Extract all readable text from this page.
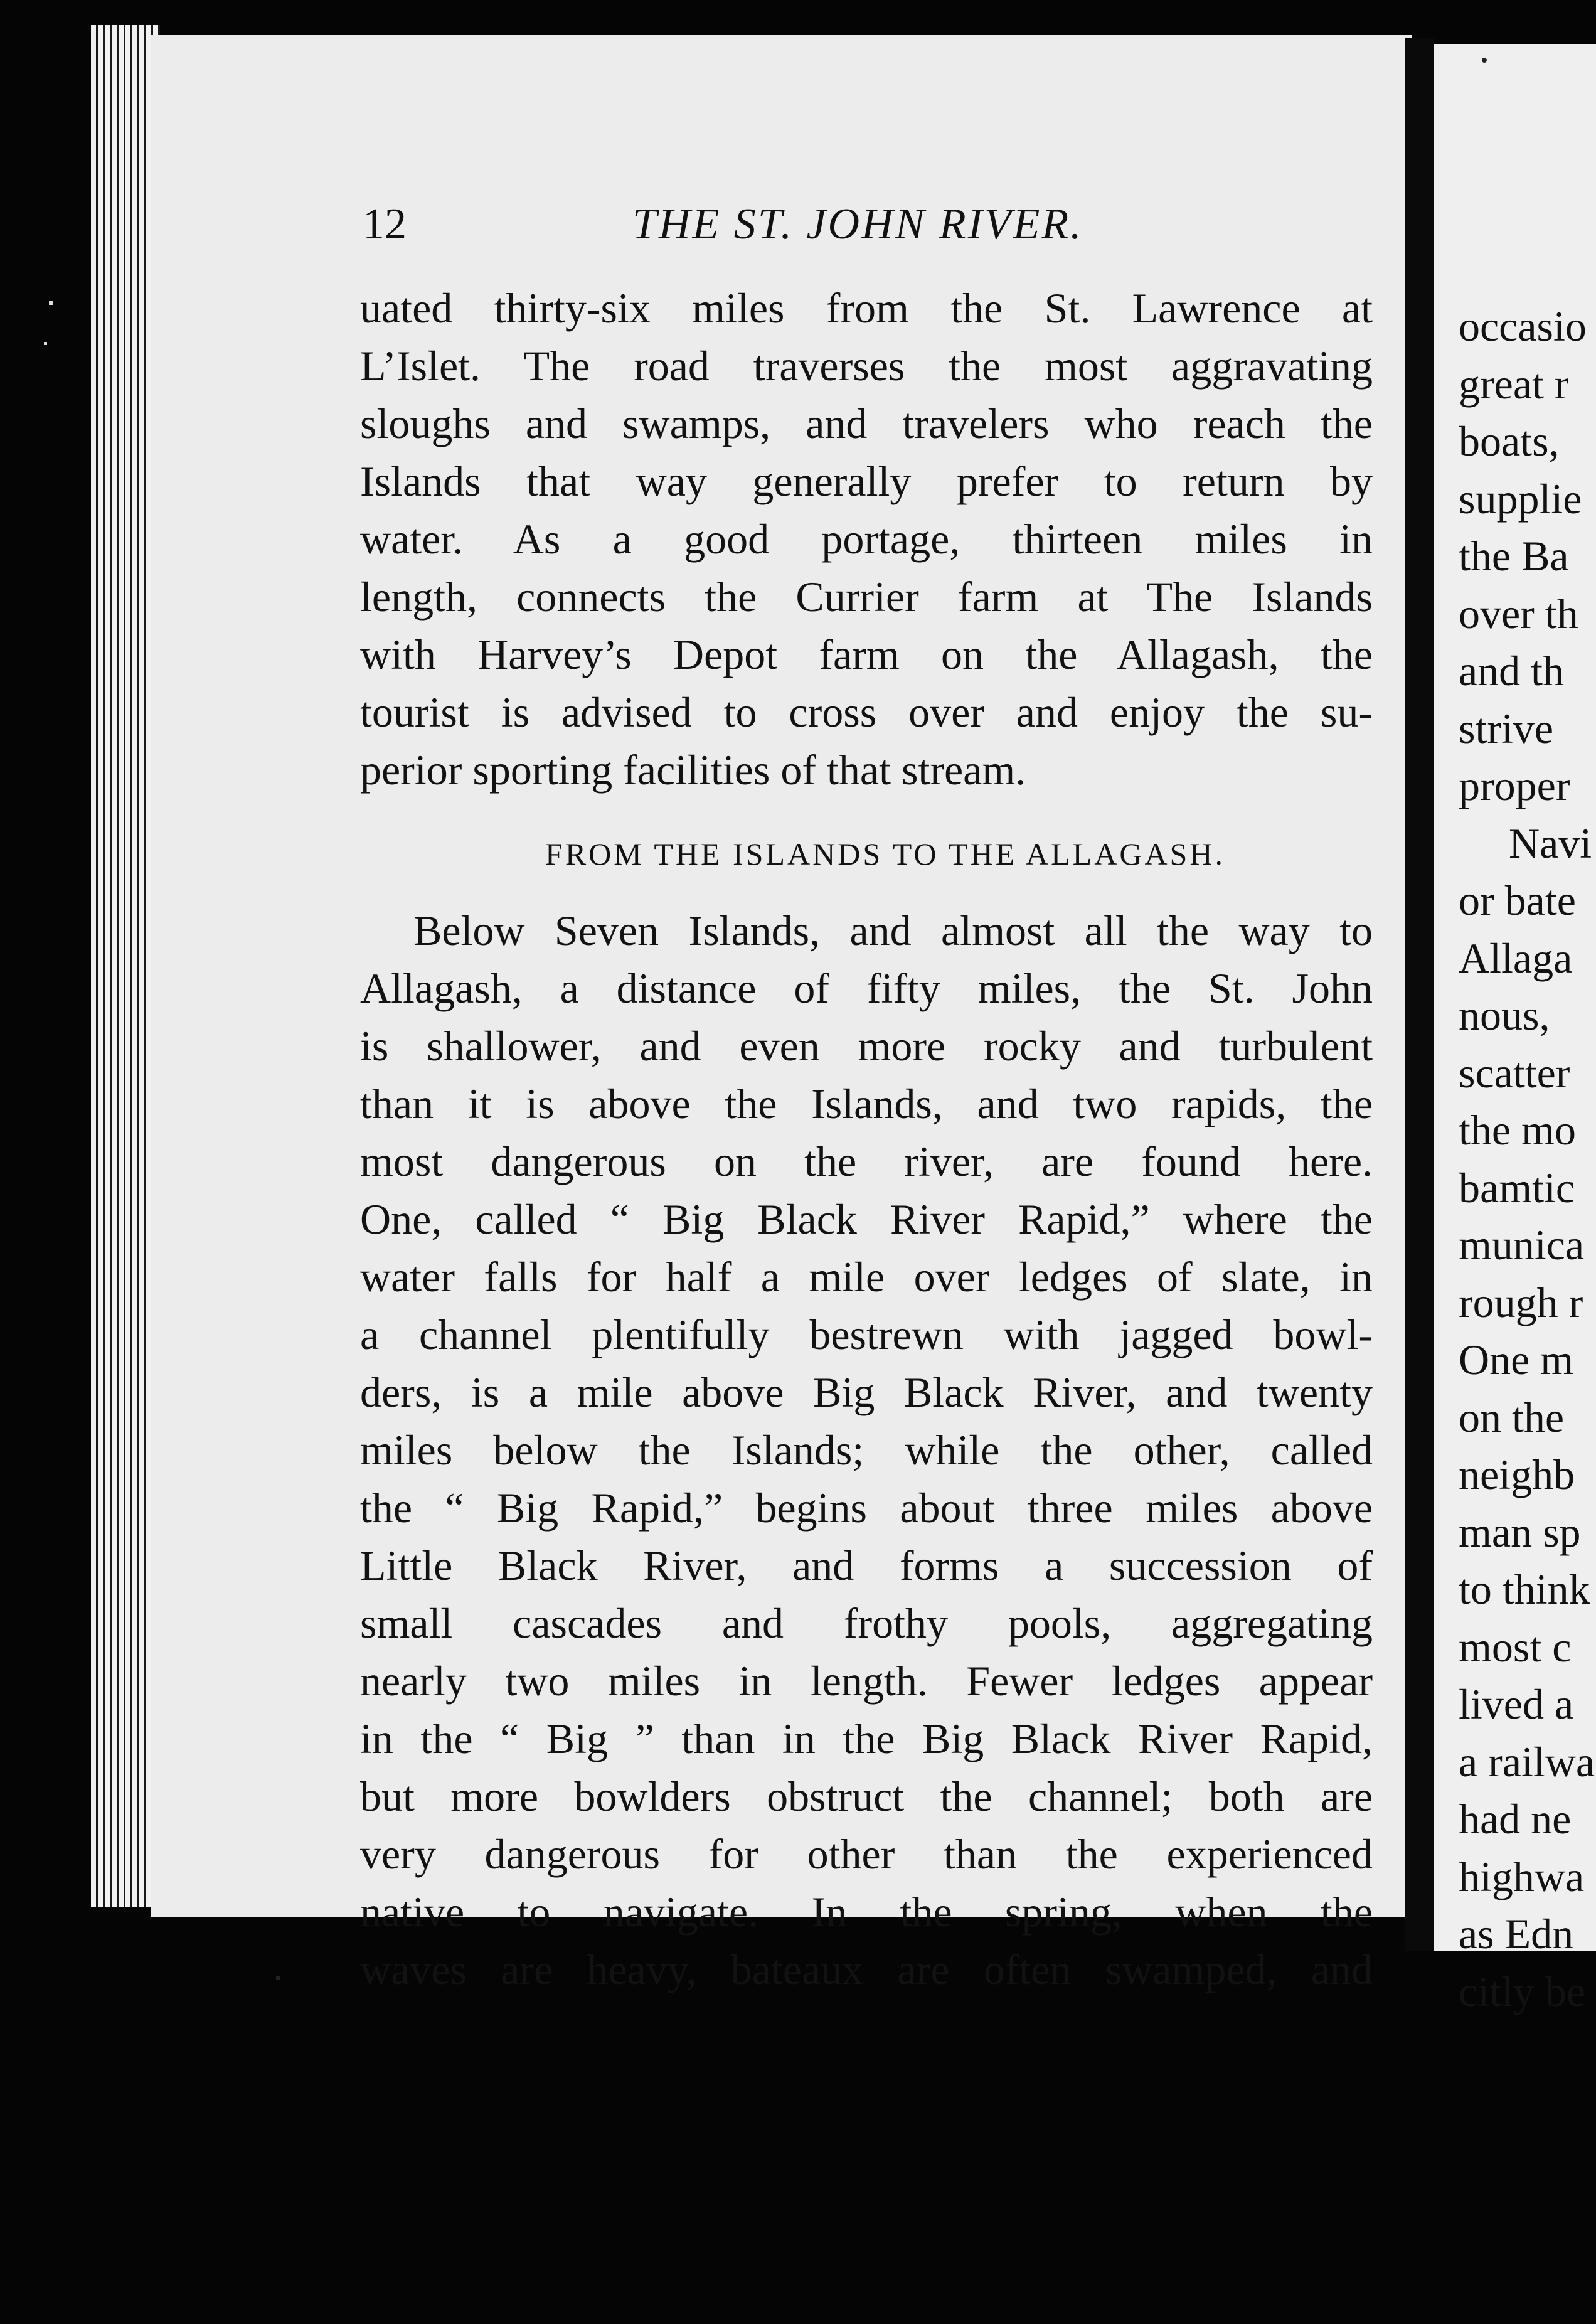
occasio
great r
boats,
supplie
the Ba
over th
and th
strive
proper
Navi
or bate
Allaga
nous,
scatter
the mo
bamtic
munica
rough r
One m
on the
neighb
man sp
to think
most c
lived a
a railwa
had ne
highwa
as Edn
citly be
12	THE ST. JOHN RIVER.
uated thirty-six miles from the St. Lawrence at
L’Islet. The road traverses the most aggravating
sloughs and swamps, and travelers who reach the
Islands that way generally prefer to return by
water. As a good portage, thirteen miles in
length, connects the Currier farm at The Islands
with Harvey’s Depot farm on the Allagash, the
tourist is advised to cross over and enjoy the su-
perior sporting facilities of that stream.
FROM THE ISLANDS TO THE ALLAGASH.
Below Seven Islands, and almost all the way to
Allagash, a distance of fifty miles, the St. John
is shallower, and even more rocky and turbulent
than it is above the Islands, and two rapids, the
most dangerous on the river, are found here.
One, called “ Big Black River Rapid,” where the
water falls for half a mile over ledges of slate, in
a channel plentifully bestrewn with jagged bowl-
ders, is a mile above Big Black River, and twenty
miles below the Islands; while the other, called
the “ Big Rapid,” begins about three miles above
Little Black River, and forms a succession of
small cascades and frothy pools, aggregating
nearly two miles in length. Fewer ledges appear
in the “ Big ” than in the Big Black River Rapid,
but more bowlders obstruct the channel; both are
very dangerous for other than the experienced
native to navigate. In the spring, when the
waves are heavy, bateaux are often swamped, and
